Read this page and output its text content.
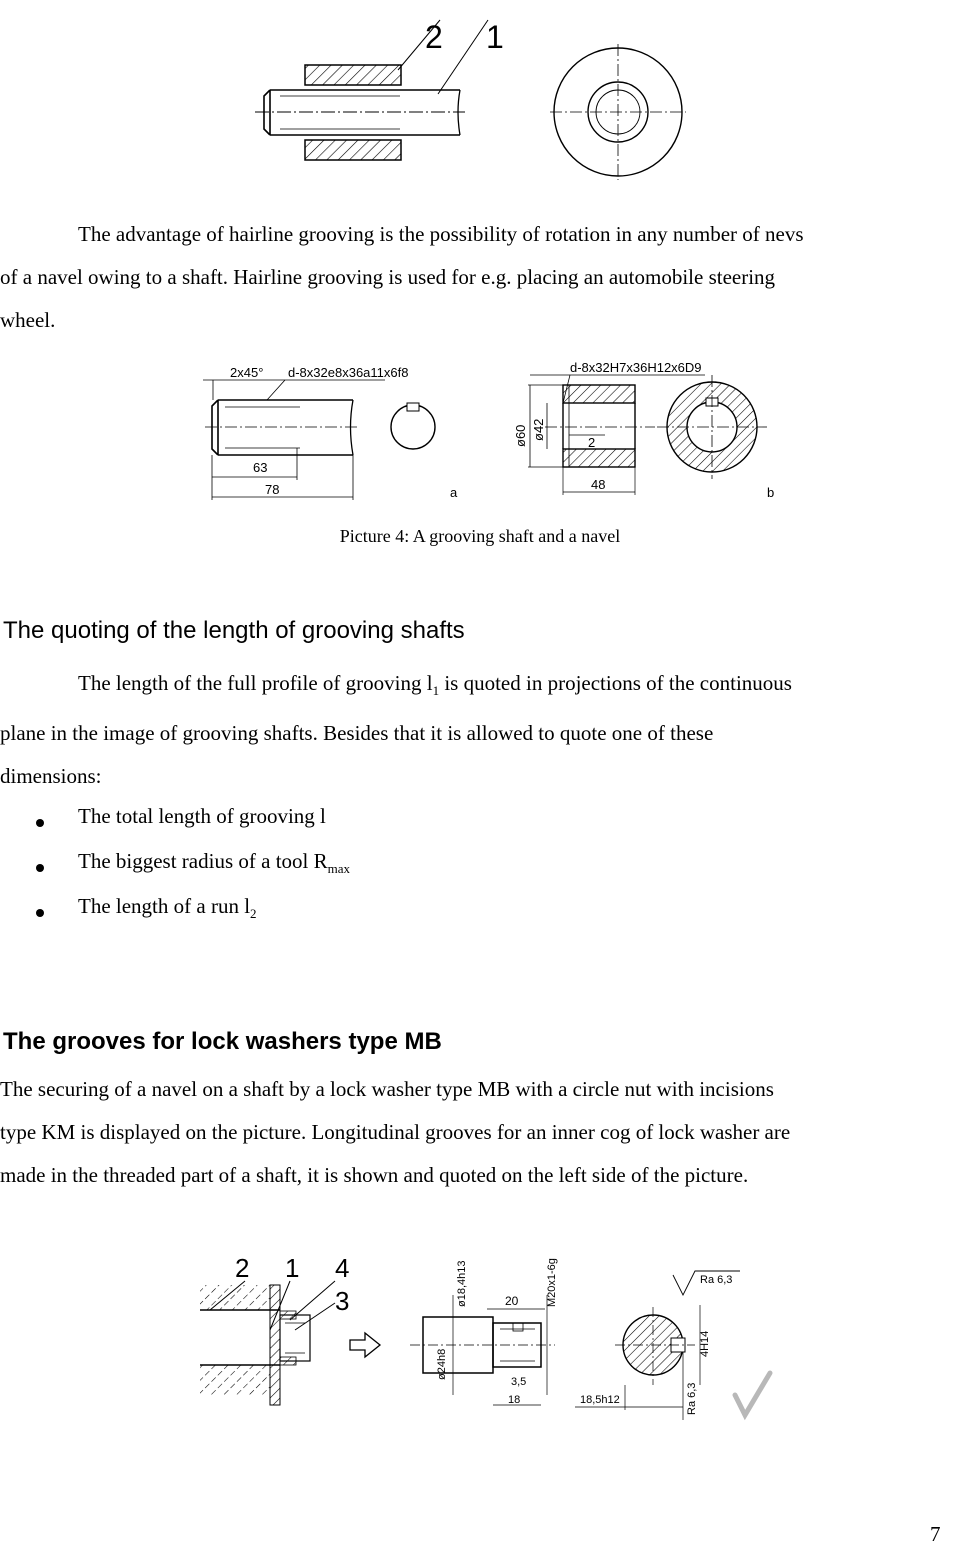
2 1
The advantage of hairline grooving is the possibility of rotation in any number of nevs
of a navel owing to a shaft. Hairline grooving is used for e.g. placing an automobile steering
wheel.
2x45° d-8x32e8x36a11x6f8
63
78	a
d-8x32H7x36H12x6D9
ø60 ø42
2
48
b
Picture 4: A grooving shaft and a navel
The quoting of the length of grooving shafts
The length of the full profile of grooving $l_1$ is quoted in projections of the continuous
plane in the image of grooving shafts. Besides that it is allowed to quote one of these
dimensions:
The total length of grooving l
The biggest radius of a tool $R_{max}$
The length of a run $l_2$
The grooves for lock washers type MB
The securing of a navel on a shaft by a lock washer type MB with a circle nut with incisions
type KM is displayed on the picture. Longitudinal grooves for an inner cog of lock washer are
made in the threaded part of a shaft, it is shown and quoted on the left side of the picture.
2 1 4
3	ø18,4h13	M20x1-6g
20
ø24h8
3,5
18
Ra 6,3
4H14
Ra 6,3
18,5h12
7
